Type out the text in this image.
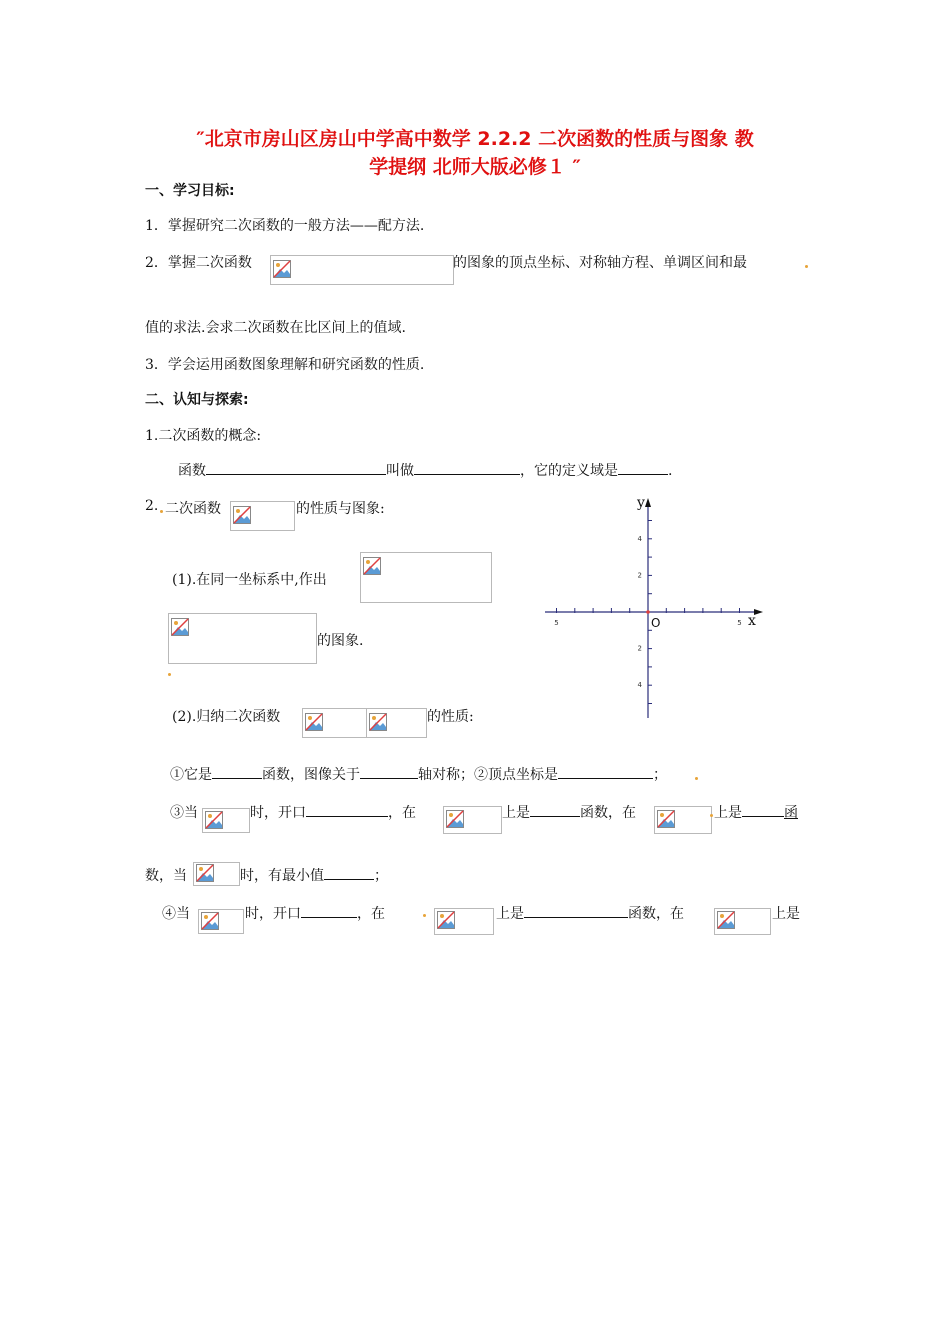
″北京市房山区房山中学高中数学 2.2.2 二次函数的性质与图象 教
学提纲 北师大版必修１ ″
一、学习目标:
1．掌握研究二次函数的一般方法——配方法.
2．掌握二次函数	的图象的顶点坐标、对称轴方程、单调区间和最
值的求法.会求二次函数在比区间上的值域.
3．学会运用函数图象理解和研究函数的性质.
二、认知与探索:
1.二次函数的概念:
函数	叫做	，它的定义域是	.
2. 二次函数	的性质与图象:
(1).在同一坐标系中,作出
的图象.
(2).归纳二次函数	的性质:
①它是	函数，图像关于	轴对称；②顶点坐标是	；
③当	时，开口	，在	上是	函数，在	上是	函
数，当	时，有最小值	；
④当	时，开口	，在	上是	函数，在	上是
5	5
4
2
2
4
x
y
O
